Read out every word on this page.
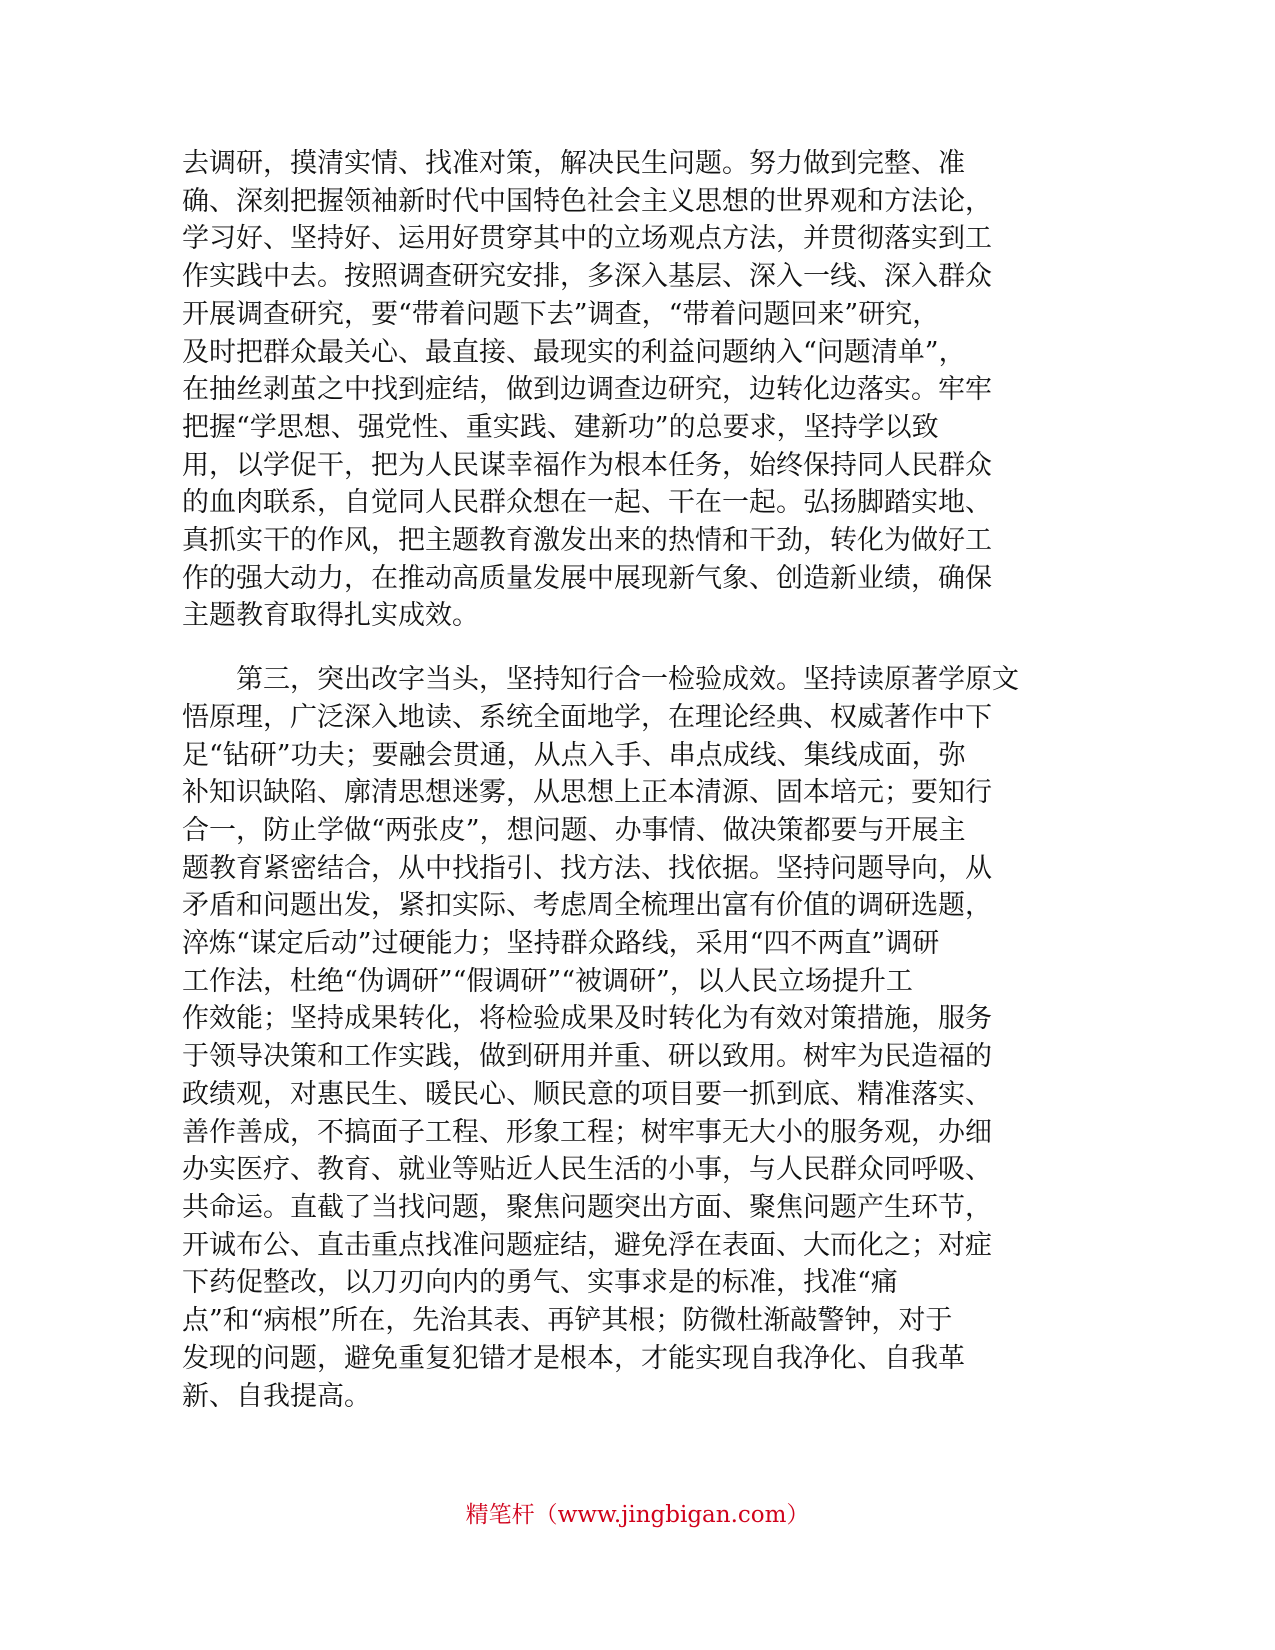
去调研，摸清实情、找准对策，解决民生问题。努力做到完整、准
确、深刻把握领袖新时代中国特色社会主义思想的世界观和方法论，
学习好、坚持好、运用好贯穿其中的立场观点方法，并贯彻落实到工
作实践中去。按照调查研究安排，多深入基层、深入一线、深入群众
开展调查研究，要“带着问题下去”调查，“带着问题回来”研究，
及时把群众最关心、最直接、最现实的利益问题纳入“问题清单”，
在抽丝剥茧之中找到症结，做到边调查边研究，边转化边落实。牢牢
把握“学思想、强党性、重实践、建新功”的总要求，坚持学以致
用，以学促干，把为人民谋幸福作为根本任务，始终保持同人民群众
的血肉联系，自觉同人民群众想在一起、干在一起。弘扬脚踏实地、
真抓实干的作风，把主题教育激发出来的热情和干劲，转化为做好工
作的强大动力，在推动高质量发展中展现新气象、创造新业绩，确保
主题教育取得扎实成效。

　　第三，突出改字当头，坚持知行合一检验成效。坚持读原著学原文
悟原理，广泛深入地读、系统全面地学，在理论经典、权威著作中下
足“钻研”功夫；要融会贯通，从点入手、串点成线、集线成面，弥
补知识缺陷、廓清思想迷雾，从思想上正本清源、固本培元；要知行
合一，防止学做“两张皮”，想问题、办事情、做决策都要与开展主
题教育紧密结合，从中找指引、找方法、找依据。坚持问题导向，从
矛盾和问题出发，紧扣实际、考虑周全梳理出富有价值的调研选题，
淬炼“谋定后动”过硬能力；坚持群众路线，采用“四不两直”调研
工作法，杜绝“伪调研”“假调研”“被调研”，以人民立场提升工
作效能；坚持成果转化，将检验成果及时转化为有效对策措施，服务
于领导决策和工作实践，做到研用并重、研以致用。树牢为民造福的
政绩观，对惠民生、暖民心、顺民意的项目要一抓到底、精准落实、
善作善成，不搞面子工程、形象工程；树牢事无大小的服务观，办细
办实医疗、教育、就业等贴近人民生活的小事，与人民群众同呼吸、
共命运。直截了当找问题，聚焦问题突出方面、聚焦问题产生环节，
开诚布公、直击重点找准问题症结，避免浮在表面、大而化之；对症
下药促整改，以刀刃向内的勇气、实事求是的标准，找准“痛
点”和“病根”所在，先治其表、再铲其根；防微杜渐敲警钟，对于
发现的问题，避免重复犯错才是根本，才能实现自我净化、自我革
新、自我提高。

精笔杆（www.jingbigan.com）
